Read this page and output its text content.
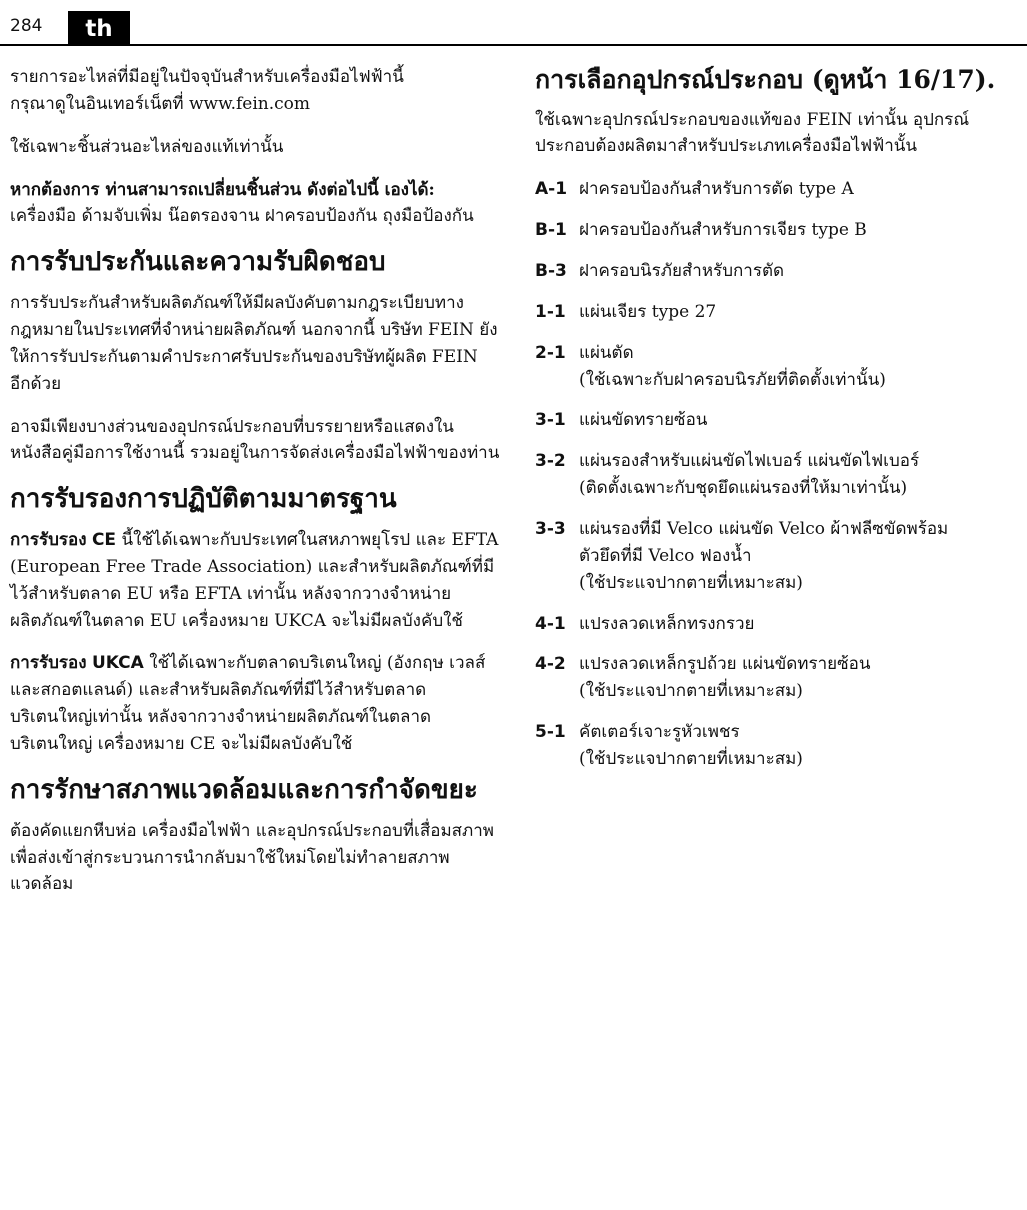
284	th

รายการอะไหล่ที่มีอยู่ในปัจจุบันสำหรับเครื่องมือไฟฟ้านี้
กรุณาดูในอินเทอร์เน็ตที่ www.fein.com

ใช้เฉพาะชิ้นส่วนอะไหล่ของแท้เท่านั้น

หากต้องการ ท่านสามารถเปลี่ยนชิ้นส่วน ดังต่อไปนี้ เองได้:

เครื่องมือ ด้ามจับเพิ่ม น๊อตรองจาน ฝาครอบป้องกัน ถุงมือป้องกัน

การรับประกันและความรับผิดชอบ

การรับประกันสำหรับผลิตภัณฑ์ให้มีผลบังคับตามกฎระเบียบทางกฎหมายในประเทศที่จำหน่ายผลิตภัณฑ์ นอกจากนี้ บริษัท FEIN ยังให้การรับประกันตามคำประกาศรับประกันของบริษัทผู้ผลิต FEIN อีกด้วย

อาจมีเพียงบางส่วนของอุปกรณ์ประกอบที่บรรยายหรือแสดงในหนังสือคู่มือการใช้งานนี้ รวมอยู่ในการจัดส่งเครื่องมือไฟฟ้าของท่าน

การรับรองการปฏิบัติตามมาตรฐาน

การรับรอง CE นี้ใช้ได้เฉพาะกับประเทศในสหภาพยุโรป และ EFTA (European Free Trade Association) และสำหรับผลิตภัณฑ์ที่มีไว้สำหรับตลาด EU หรือ EFTA เท่านั้น หลังจากวางจำหน่ายผลิตภัณฑ์ในตลาด EU เครื่องหมาย UKCA จะไม่มีผลบังคับใช้

การรับรอง UKCA ใช้ได้เฉพาะกับตลาดบริเตนใหญ่ (อังกฤษ เวลส์ และสกอตแลนด์) และสำหรับผลิตภัณฑ์ที่มีไว้สำหรับตลาดบริเตนใหญ่เท่านั้น หลังจากวางจำหน่ายผลิตภัณฑ์ในตลาดบริเตนใหญ่ เครื่องหมาย CE จะไม่มีผลบังคับใช้

การรักษาสภาพแวดล้อมและการกำจัดขยะ

ต้องคัดแยกหีบห่อ เครื่องมือไฟฟ้า และอุปกรณ์ประกอบที่เสื่อมสภาพ เพื่อส่งเข้าสู่กระบวนการนำกลับมาใช้ใหม่โดยไม่ทำลายสภาพแวดล้อม

การเลือกอุปกรณ์ประกอบ (ดูหน้า 16/17).

ใช้เฉพาะอุปกรณ์ประกอบของแท้ของ FEIN เท่านั้น อุปกรณ์ประกอบต้องผลิตมาสำหรับประเภทเครื่องมือไฟฟ้านั้น

A-1 ฝาครอบป้องกันสำหรับการตัด type A
B-1 ฝาครอบป้องกันสำหรับการเจียร type B
B-3 ฝาครอบนิรภัยสำหรับการตัด
1-1 แผ่นเจียร type 27
2-1 แผ่นตัด
(ใช้เฉพาะกับฝาครอบนิรภัยที่ติดตั้งเท่านั้น)
3-1 แผ่นขัดทรายซ้อน
3-2 แผ่นรองสำหรับแผ่นขัดไฟเบอร์ แผ่นขัดไฟเบอร์
(ติดตั้งเฉพาะกับชุดยึดแผ่นรองที่ให้มาเท่านั้น)
3-3 แผ่นรองที่มี Velco แผ่นขัด Velco ผ้าฟลีซขัดพร้อม
ตัวยึดที่มี Velco ฟองน้ำ
(ใช้ประแจปากตายที่เหมาะสม)
4-1 แปรงลวดเหล็กทรงกรวย
4-2 แปรงลวดเหล็กรูปถ้วย แผ่นขัดทรายซ้อน
(ใช้ประแจปากตายที่เหมาะสม)
5-1 คัตเตอร์เจาะรูหัวเพชร
(ใช้ประแจปากตายที่เหมาะสม)
